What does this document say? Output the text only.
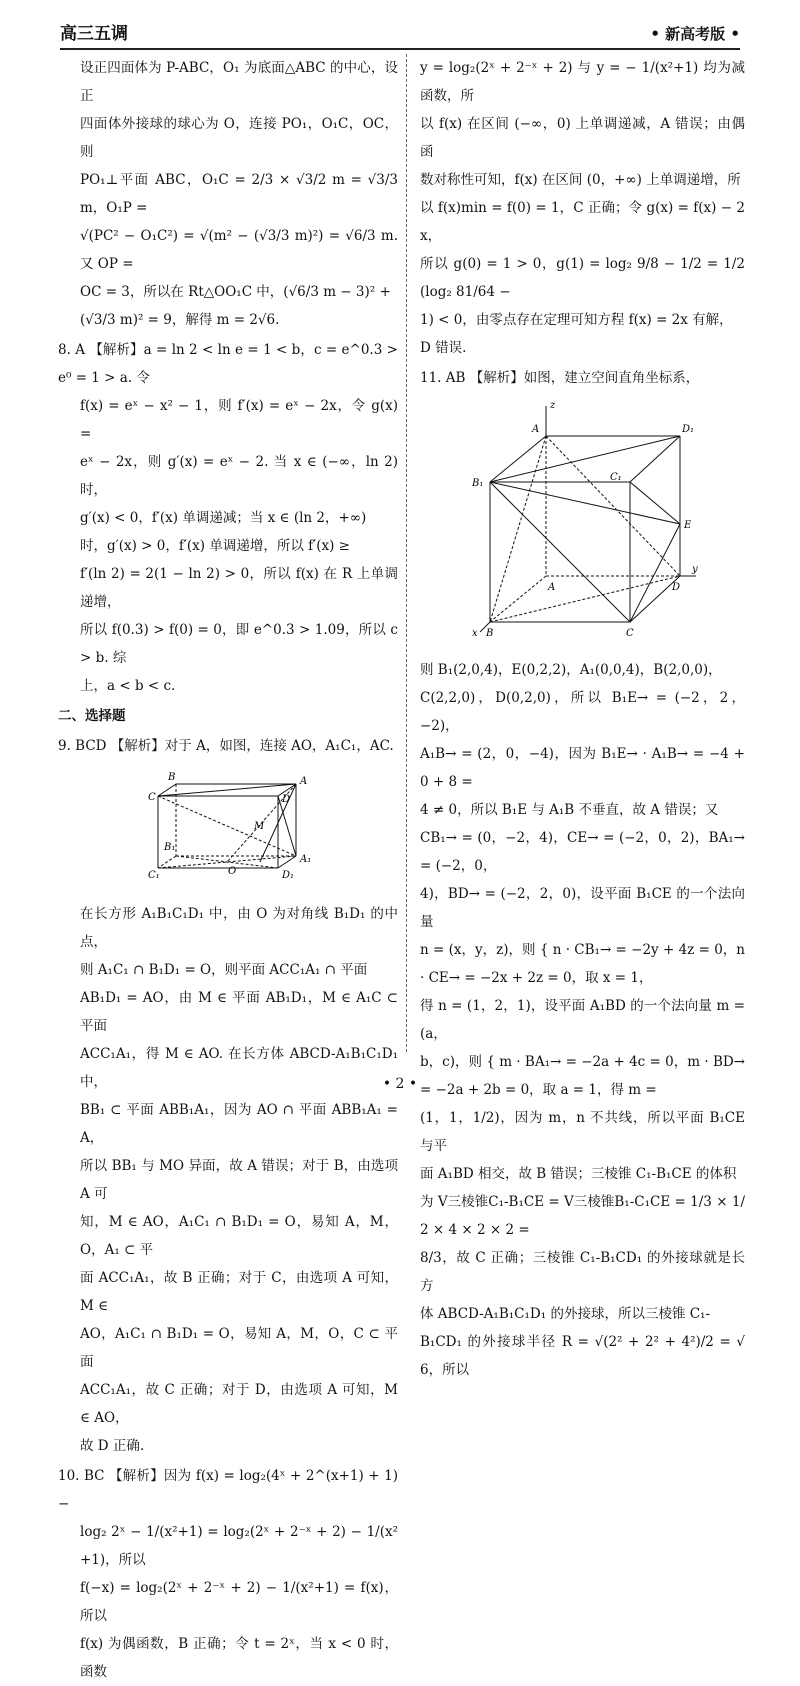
高三五调	• 新高考版 •

设正四面体为 P-ABC，O₁ 为底面△ABC 的中心，设正

四面体外接球的球心为 O，连接 PO₁，O₁C，OC，则

PO₁⊥平面 ABC，O₁C = 2/3 × √3/2 m = √3/3 m，O₁P =

√(PC² − O₁C²) = √(m² − (√3/3 m)²) = √6/3 m. 又 OP =

OC = 3，所以在 Rt△OO₁C 中，(√6/3 m − 3)² +

(√3/3 m)² = 9，解得 m = 2√6.

8. A 【解析】a = ln 2 < ln e = 1 < b，c = e^0.3 > e⁰ = 1 > a. 令

f(x) = eˣ − x² − 1，则 f′(x) = eˣ − 2x，令 g(x) =

eˣ − 2x，则 g′(x) = eˣ − 2. 当 x ∈ (−∞，ln 2) 时，

g′(x) < 0，f′(x) 单调递减；当 x ∈ (ln 2，+∞)

时，g′(x) > 0，f′(x) 单调递增，所以 f′(x) ≥

f′(ln 2) = 2(1 − ln 2) > 0，所以 f(x) 在 R 上单调递增，

所以 f(0.3) > f(0) = 0，即 e^0.3 > 1.09，所以 c > b. 综

上，a < b < c.

二、选择题

9. BCD 【解析】对于 A，如图，连接 AO，A₁C₁，AC.

B	A
C	D
M
B₁
A₁
C₁	O	D₁

在长方形 A₁B₁C₁D₁ 中，由 O 为对角线 B₁D₁ 的中点，

则 A₁C₁ ∩ B₁D₁ = O，则平面 ACC₁A₁ ∩ 平面

AB₁D₁ = AO，由 M ∈ 平面 AB₁D₁，M ∈ A₁C ⊂ 平面

ACC₁A₁，得 M ∈ AO. 在长方体 ABCD-A₁B₁C₁D₁ 中，

BB₁ ⊂ 平面 ABB₁A₁，因为 AO ∩ 平面 ABB₁A₁ = A，

所以 BB₁ 与 MO 异面，故 A 错误；对于 B，由选项 A 可

知，M ∈ AO，A₁C₁ ∩ B₁D₁ = O，易知 A，M，O，A₁ ⊂ 平

面 ACC₁A₁，故 B 正确；对于 C，由选项 A 可知，M ∈

AO，A₁C₁ ∩ B₁D₁ = O，易知 A，M，O，C ⊂ 平面

ACC₁A₁，故 C 正确；对于 D，由选项 A 可知，M ∈ AO，

故 D 正确.

10. BC 【解析】因为 f(x) = log₂(4ˣ + 2^(x+1) + 1) −

log₂ 2ˣ − 1/(x²+1) = log₂(2ˣ + 2⁻ˣ + 2) − 1/(x²+1)，所以

f(−x) = log₂(2ˣ + 2⁻ˣ + 2) − 1/(x²+1) = f(x)，所以

f(x) 为偶函数，B 正确；令 t = 2ˣ，当 x < 0 时，函数

y = log₂(2ˣ + 2⁻ˣ + 2) 与 y = − 1/(x²+1) 均为减函数，所

以 f(x) 在区间 (−∞，0) 上单调递减，A 错误；由偶函

数对称性可知，f(x) 在区间 (0，+∞) 上单调递增，所

以 f(x)min = f(0) = 1，C 正确；令 g(x) = f(x) − 2x，

所以 g(0) = 1 > 0，g(1) = log₂ 9/8 − 1/2 = 1/2 (log₂ 81/64 −

1) < 0，由零点存在定理可知方程 f(x) = 2x 有解，

D 错误.

11. AB 【解析】如图，建立空间直角坐标系，

z
A	D₁
B₁
C₁
E
A	D
y
x B	C

则 B₁(2,0,4)，E(0,2,2)，A₁(0,0,4)，B(2,0,0)，

C(2,2,0)，D(0,2,0)，所以 B₁E→ = (−2，2，−2)，

A₁B→ = (2，0，−4)，因为 B₁E→ · A₁B→ = −4 + 0 + 8 =

4 ≠ 0，所以 B₁E 与 A₁B 不垂直，故 A 错误；又

CB₁→ = (0，−2，4)，CE→ = (−2，0，2)，BA₁→ = (−2，0，

4)，BD→ = (−2，2，0)，设平面 B₁CE 的一个法向量

n = (x，y，z)，则 { n · CB₁→ = −2y + 4z = 0，n · CE→ = −2x + 2z = 0，取 x = 1，

得 n = (1，2，1)，设平面 A₁BD 的一个法向量 m = (a，

b，c)，则 { m · BA₁→ = −2a + 4c = 0，m · BD→ = −2a + 2b = 0，取 a = 1，得 m =

(1，1，1/2)，因为 m，n 不共线，所以平面 B₁CE 与平

面 A₁BD 相交，故 B 错误；三棱锥 C₁-B₁CE 的体积

为 V三棱锥C₁-B₁CE = V三棱锥B₁-C₁CE = 1/3 × 1/2 × 4 × 2 × 2 =

8/3，故 C 正确；三棱锥 C₁-B₁CD₁ 的外接球就是长方

体 ABCD-A₁B₁C₁D₁ 的外接球，所以三棱锥 C₁-

B₁CD₁ 的外接球半径 R = √(2² + 2² + 4²)/2 = √6，所以

• 2 •
